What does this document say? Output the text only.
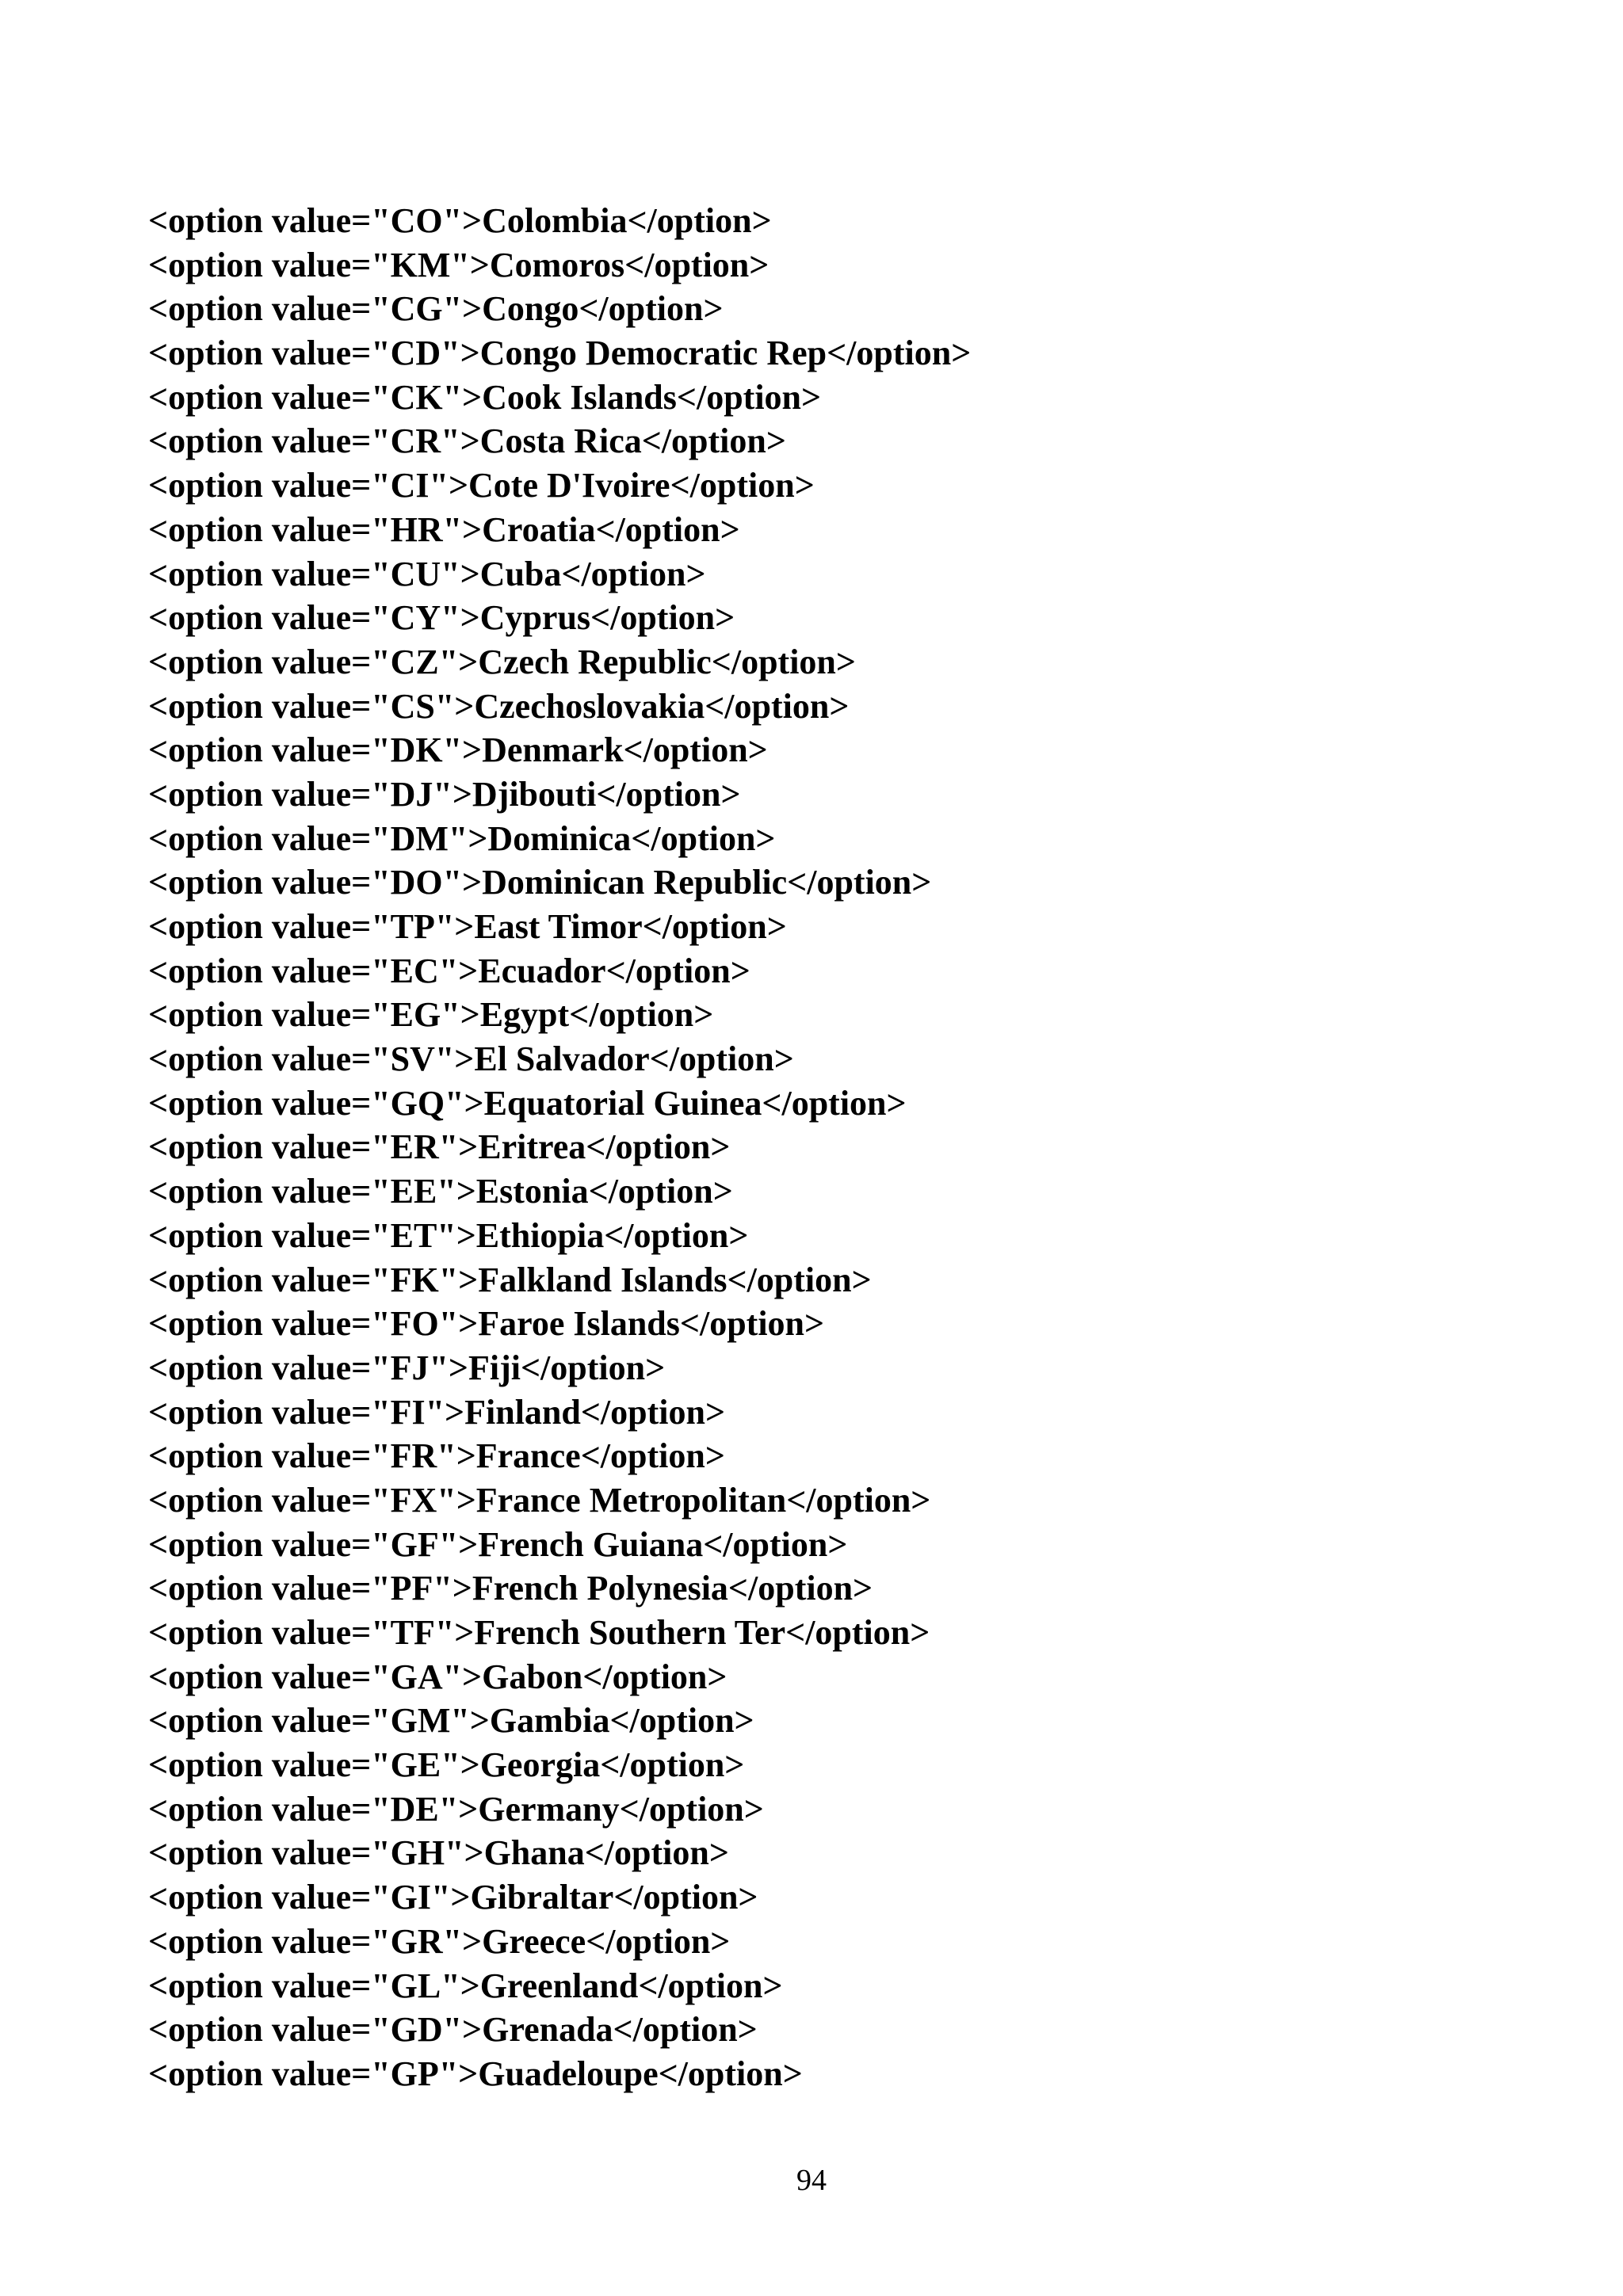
<option value="CO">Colombia</option>
<option value="KM">Comoros</option>
<option value="CG">Congo</option>
<option value="CD">Congo Democratic Rep</option>
<option value="CK">Cook Islands</option>
<option value="CR">Costa Rica</option>
<option value="CI">Cote D'Ivoire</option>
<option value="HR">Croatia</option>
<option value="CU">Cuba</option>
<option value="CY">Cyprus</option>
<option value="CZ">Czech Republic</option>
<option value="CS">Czechoslovakia</option>
<option value="DK">Denmark</option>
<option value="DJ">Djibouti</option>
<option value="DM">Dominica</option>
<option value="DO">Dominican Republic</option>
<option value="TP">East Timor</option>
<option value="EC">Ecuador</option>
<option value="EG">Egypt</option>
<option value="SV">El Salvador</option>
<option value="GQ">Equatorial Guinea</option>
<option value="ER">Eritrea</option>
<option value="EE">Estonia</option>
<option value="ET">Ethiopia</option>
<option value="FK">Falkland Islands</option>
<option value="FO">Faroe Islands</option>
<option value="FJ">Fiji</option>
<option value="FI">Finland</option>
<option value="FR">France</option>
<option value="FX">France Metropolitan</option>
<option value="GF">French Guiana</option>
<option value="PF">French Polynesia</option>
<option value="TF">French Southern Ter</option>
<option value="GA">Gabon</option>
<option value="GM">Gambia</option>
<option value="GE">Georgia</option>
<option value="DE">Germany</option>
<option value="GH">Ghana</option>
<option value="GI">Gibraltar</option>
<option value="GR">Greece</option>
<option value="GL">Greenland</option>
<option value="GD">Grenada</option>
<option value="GP">Guadeloupe</option>
94
